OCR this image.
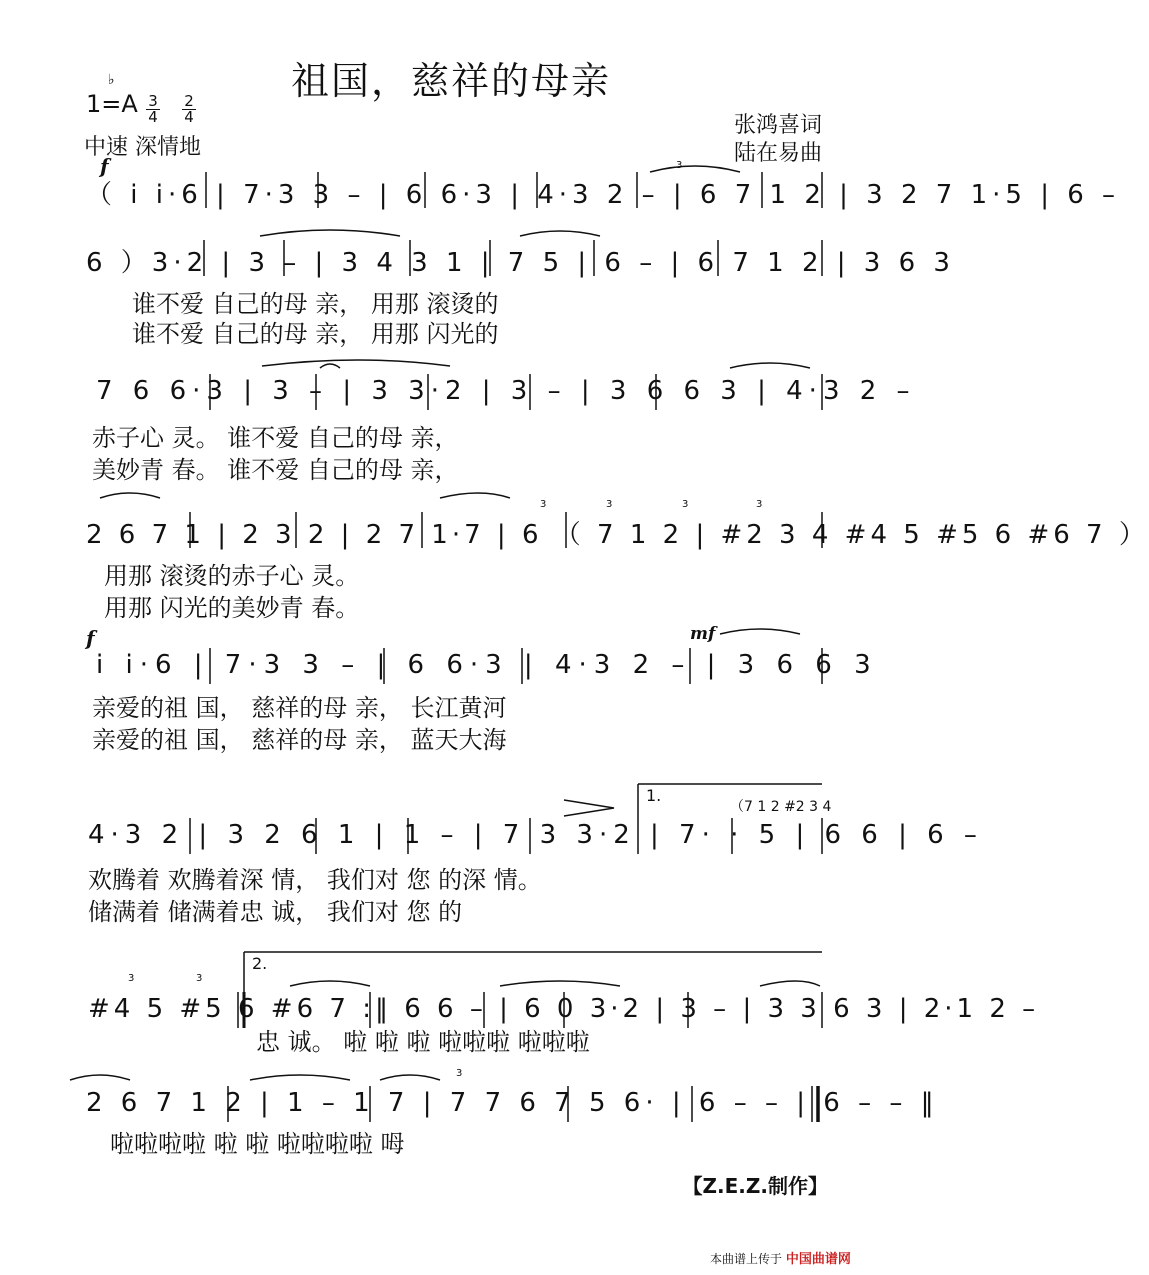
祖国，慈祥的母亲
1=A
♭
$\frac{3}{4} \frac{2}{4}$
中速 深情地
张鸿喜词
陆在易曲
f
f	mf
3
3	3	3	3
3	3
3
（ i i·6 | 7·3 3 – | 6 6·3 | 4·3 2 – | 6 7 1 2 | 3 2 7 1·5 | 6 –
6 ）3·2 | 3 – | 3 4 3 1 | 7 5 | 6 – | 6 7 1 2 | 3 6 3
谁不爱 自己的母 亲， 用那 滚烫的
谁不爱 自己的母 亲， 用那 闪光的
7 6 6·3 | 3 – | 3 3·2 | 3 – | 3 6 6 3 | 4·3 2 –
赤子心 灵。 谁不爱 自己的母 亲，
美妙青 春。 谁不爱 自己的母 亲，
2 6 7 1 | 2 3 2 | 2 7 1·7 | 6 （ 7 1 2 | #2 3 4 #4 5 #5 6 #6 7 ）
用那 滚烫的赤子心 灵。
用那 闪光的美妙青 春。
i i·6 | 7·3 3 – | 6 6·3 | 4·3 2 – | 3 6 6 3
亲爱的祖 国， 慈祥的母 亲， 长江黄河
亲爱的祖 国， 慈祥的母 亲， 蓝天大海
1.
（7 1 2 #2 3 4
4·3 2 | 3 2 6 1 | 1 – | 7 3 3·2 | 7· · 5 | 6 6 | 6 –
欢腾着 欢腾着深 情， 我们对 您 的深 情。
储满着 储满着忠 诚， 我们对 您 的
2.
#4 5 #5 6 #6 7 :‖ 6 6 – | 6 0 3·2 | 3 – | 3 3 6 3 | 2·1 2 –
忠 诚。 啦 啦 啦 啦啦啦 啦啦啦
2 6 7 1 2 | 1 – 1 7 | 7 7 6 7 5 6· | 6 – – | 6 – – ‖
啦啦啦啦 啦 啦 啦啦啦啦 呣
【Z.E.Z.制作】
本曲谱上传于 中国曲谱网
